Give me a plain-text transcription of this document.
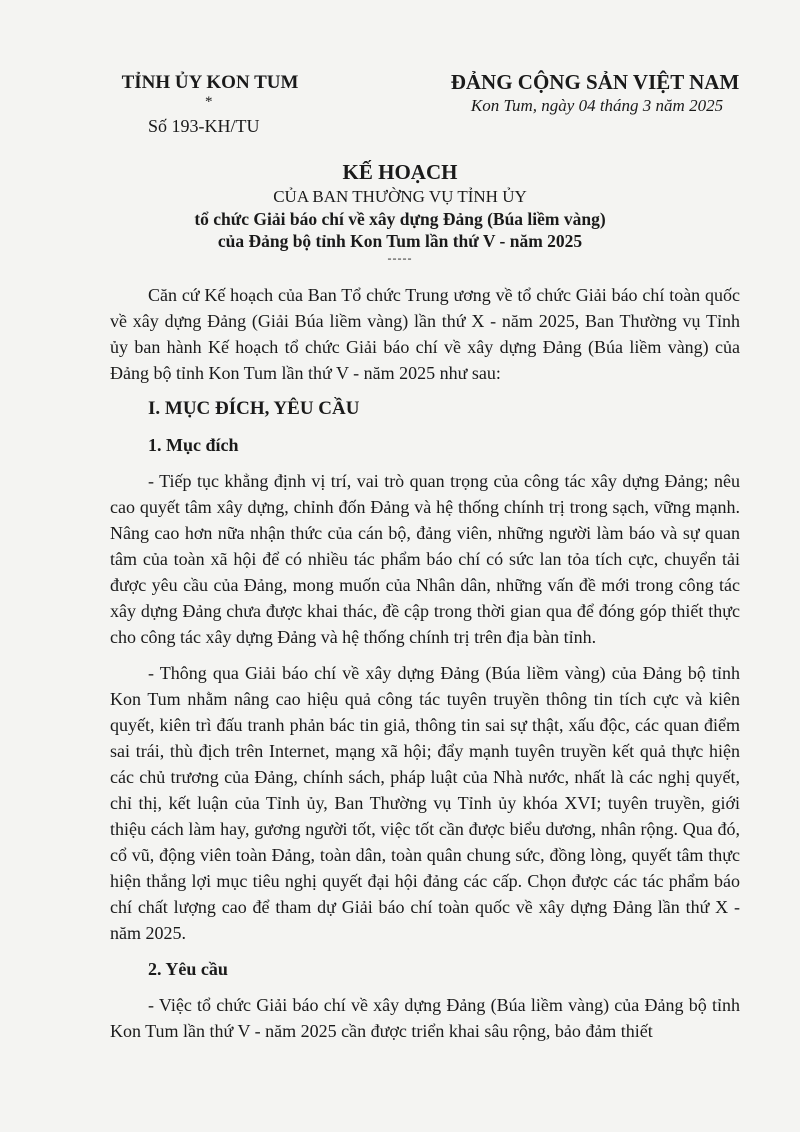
TỈNH ỦY KON TUM
*
Số 193-KH/TU
ĐẢNG CỘNG SẢN VIỆT NAM
Kon Tum, ngày 04 tháng 3 năm 2025
KẾ HOẠCH
CỦA BAN THƯỜNG VỤ TỈNH ỦY
tổ chức Giải báo chí về xây dựng Đảng (Búa liềm vàng)
của Đảng bộ tỉnh Kon Tum lần thứ V - năm 2025
-----

Căn cứ Kế hoạch của Ban Tổ chức Trung ương về tổ chức Giải báo chí toàn quốc về xây dựng Đảng (Giải Búa liềm vàng) lần thứ X - năm 2025, Ban Thường vụ Tỉnh ủy ban hành Kế hoạch tổ chức Giải báo chí về xây dựng Đảng (Búa liềm vàng) của Đảng bộ tỉnh Kon Tum lần thứ V - năm 2025 như sau:

I. MỤC ĐÍCH, YÊU CẦU
1. Mục đích

- Tiếp tục khẳng định vị trí, vai trò quan trọng của công tác xây dựng Đảng; nêu cao quyết tâm xây dựng, chỉnh đốn Đảng và hệ thống chính trị trong sạch, vững mạnh. Nâng cao hơn nữa nhận thức của cán bộ, đảng viên, những người làm báo và sự quan tâm của toàn xã hội để có nhiều tác phẩm báo chí có sức lan tỏa tích cực, chuyển tải được yêu cầu của Đảng, mong muốn của Nhân dân, những vấn đề mới trong công tác xây dựng Đảng chưa được khai thác, đề cập trong thời gian qua để đóng góp thiết thực cho công tác xây dựng Đảng và hệ thống chính trị trên địa bàn tỉnh.

- Thông qua Giải báo chí về xây dựng Đảng (Búa liềm vàng) của Đảng bộ tỉnh Kon Tum nhằm nâng cao hiệu quả công tác tuyên truyền thông tin tích cực và kiên quyết, kiên trì đấu tranh phản bác tin giả, thông tin sai sự thật, xấu độc, các quan điểm sai trái, thù địch trên Internet, mạng xã hội; đẩy mạnh tuyên truyền kết quả thực hiện các chủ trương của Đảng, chính sách, pháp luật của Nhà nước, nhất là các nghị quyết, chỉ thị, kết luận của Tỉnh ủy, Ban Thường vụ Tỉnh ủy khóa XVI; tuyên truyền, giới thiệu cách làm hay, gương người tốt, việc tốt cần được biểu dương, nhân rộng. Qua đó, cổ vũ, động viên toàn Đảng, toàn dân, toàn quân chung sức, đồng lòng, quyết tâm thực hiện thắng lợi mục tiêu nghị quyết đại hội đảng các cấp. Chọn được các tác phẩm báo chí chất lượng cao để tham dự Giải báo chí toàn quốc về xây dựng Đảng lần thứ X - năm 2025.

2. Yêu cầu

- Việc tổ chức Giải báo chí về xây dựng Đảng (Búa liềm vàng) của Đảng bộ tỉnh Kon Tum lần thứ V - năm 2025 cần được triển khai sâu rộng, bảo đảm thiết
